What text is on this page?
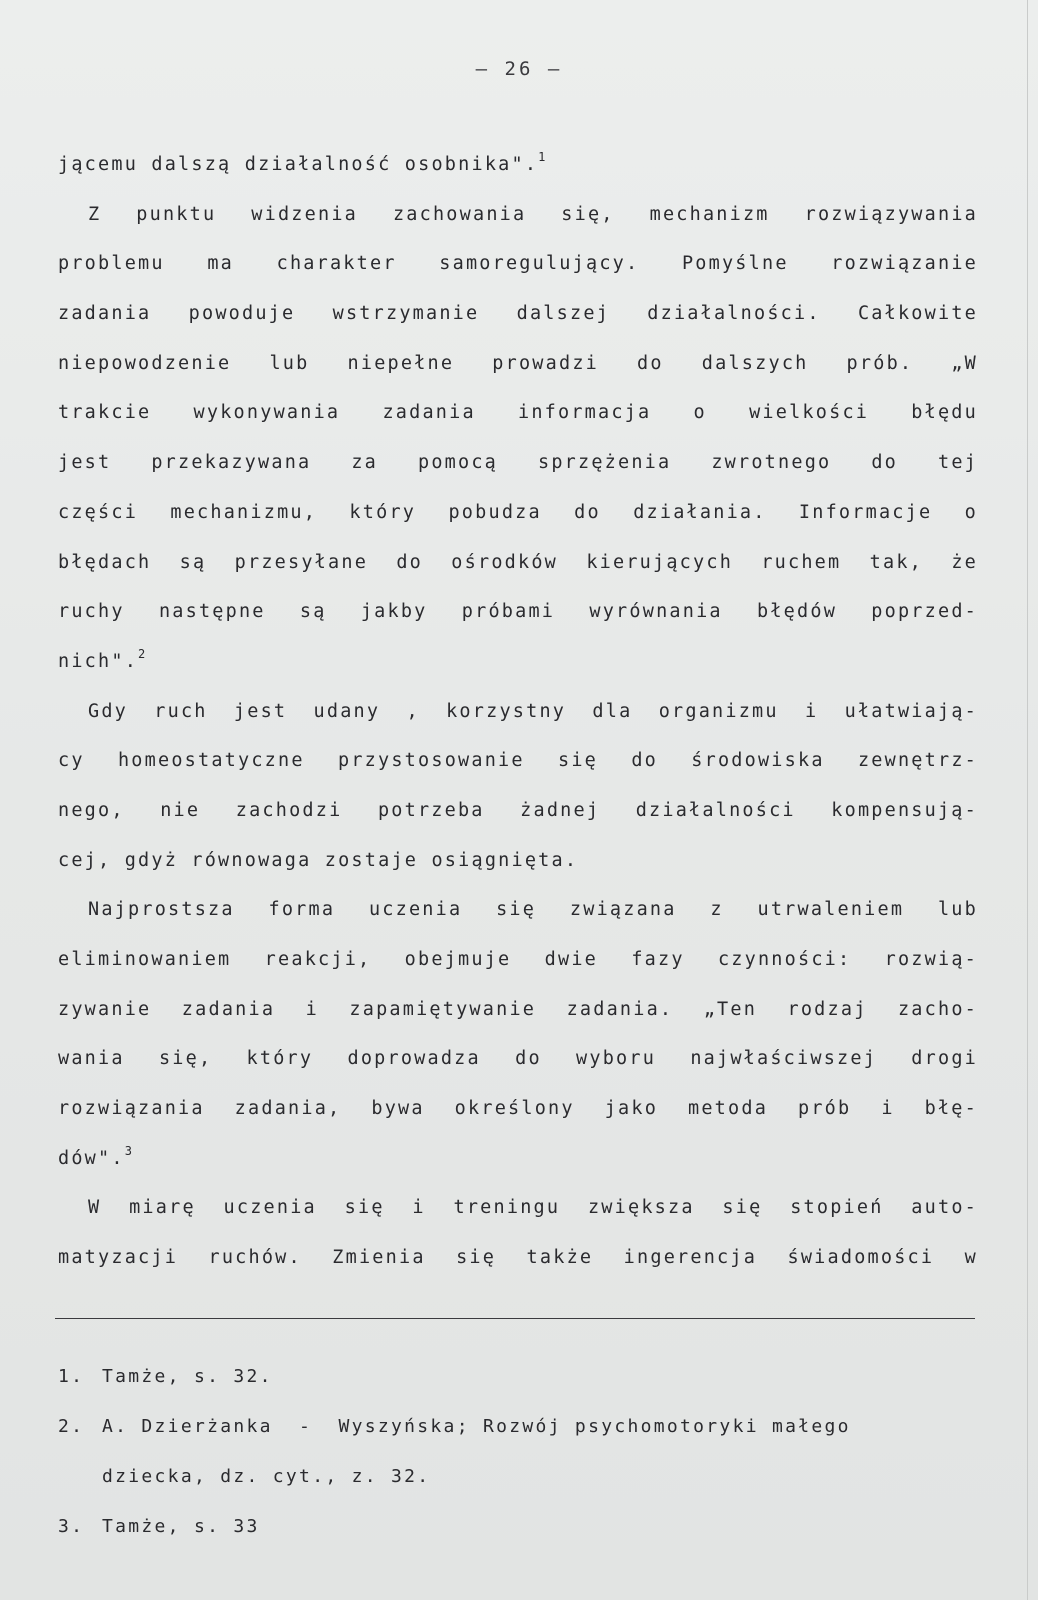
— 26 —
jącemu dalszą działalność osobnika".$^1$
Z punktu widzenia zachowania się, mechanizm rozwiązywania
problemu ma charakter samoregulujący. Pomyślne rozwiązanie
zadania powoduje wstrzymanie dalszej działalności. Całkowite
niepowodzenie lub niepełne prowadzi do dalszych prób. „W
trakcie wykonywania zadania informacja o wielkości błędu
jest przekazywana za pomocą sprzężenia zwrotnego do tej
części mechanizmu, który pobudza do działania. Informacje o
błędach są przesyłane do ośrodków kierujących ruchem tak, że
ruchy następne są jakby próbami wyrównania błędów poprzed-
nich".$^2$
Gdy ruch jest udany , korzystny dla organizmu i ułatwiają-
cy homeostatyczne przystosowanie się do środowiska zewnętrz-
nego, nie zachodzi potrzeba żadnej działalności kompensują-
cej, gdyż równowaga zostaje osiągnięta.
Najprostsza forma uczenia się związana z utrwaleniem lub
eliminowaniem reakcji, obejmuje dwie fazy czynności: rozwią-
zywanie zadania i zapamiętywanie zadania. „Ten rodzaj zacho-
wania się, który doprowadza do wyboru najwłaściwszej drogi
rozwiązania zadania, bywa określony jako metoda prób i błę-
dów".$^3$
W miarę uczenia się i treningu zwiększa się stopień auto-
matyzacji ruchów. Zmienia się także ingerencja świadomości w
1. Tamże, s. 32.
2. A. Dzierżanka  -  Wyszyńska; Rozwój psychomotoryki małego
dziecka, dz. cyt., z. 32.
3. Tamże, s. 33
